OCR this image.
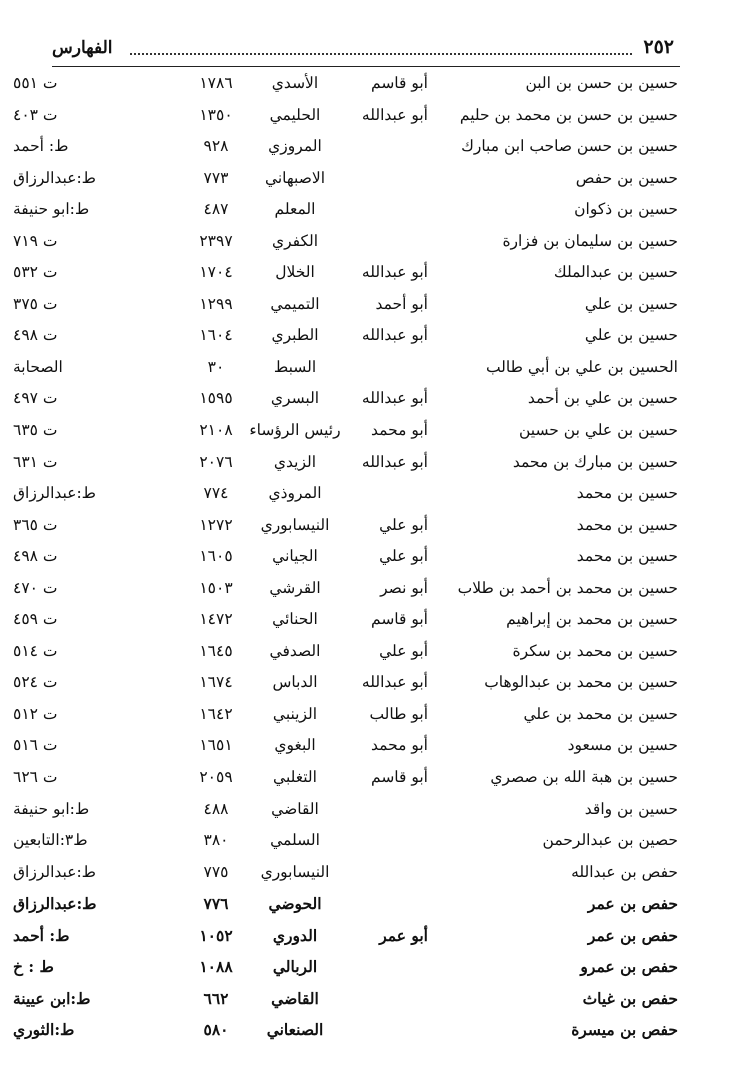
٢٥٢
الفهارس
حسين بن حسن بن البن
أبو قاسم
الأسدي
١٧٨٦
ت ٥٥١
حسين بن حسن بن محمد بن حليم
أبو عبدالله
الحليمي
١٣٥٠
ت ٤٠٣
حسين بن حسن صاحب ابن مبارك
المروزي
٩٢٨
ط: أحمد
حسين بن حفص
الاصبهاني
٧٧٣
ط:عبدالرزاق
حسين بن ذكوان
المعلم
٤٨٧
ط:ابو حنيفة
حسين بن سليمان بن فزارة
الكفري
٢٣٩٧
ت ٧١٩
حسين بن عبدالملك
أبو عبدالله
الخلال
١٧٠٤
ت ٥٣٢
حسين بن علي
أبو أحمد
التميمي
١٢٩٩
ت ٣٧٥
حسين بن علي
أبو عبدالله
الطبري
١٦٠٤
ت ٤٩٨
الحسين بن علي بن أبي طالب
السبط
٣٠
الصحابة
حسين بن علي بن أحمد
أبو عبدالله
البسري
١٥٩٥
ت ٤٩٧
حسين بن علي بن حسين
أبو محمد
رئيس الرؤساء
٢١٠٨
ت ٦٣٥
حسين بن مبارك بن محمد
أبو عبدالله
الزيدي
٢٠٧٦
ت ٦٣١
حسين بن محمد
المروذي
٧٧٤
ط:عبدالرزاق
حسين بن محمد
أبو علي
النيسابوري
١٢٧٢
ت ٣٦٥
حسين بن محمد
أبو علي
الجياني
١٦٠٥
ت ٤٩٨
حسين بن محمد بن أحمد بن طلاب
أبو نصر
القرشي
١٥٠٣
ت ٤٧٠
حسين بن محمد بن إبراهيم
أبو قاسم
الحنائي
١٤٧٢
ت ٤٥٩
حسين بن محمد بن سكرة
أبو علي
الصدفي
١٦٤٥
ت ٥١٤
حسين بن محمد بن عبدالوهاب
أبو عبدالله
الدباس
١٦٧٤
ت ٥٢٤
حسين بن محمد بن علي
أبو طالب
الزينبي
١٦٤٢
ت ٥١٢
حسين بن مسعود
أبو محمد
البغوي
١٦٥١
ت ٥١٦
حسين بن هبة الله بن صصري
أبو قاسم
التغلبي
٢٠٥٩
ت ٦٢٦
حسين بن واقد
القاضي
٤٨٨
ط:ابو حنيفة
حصين بن عبدالرحمن
السلمي
٣٨٠
ط٣:التابعين
حفص بن عبدالله
النيسابوري
٧٧٥
ط:عبدالرزاق
حفص بن عمر
الحوضي
٧٧٦
ط:عبدالرزاق
حفص بن عمر
أبو عمر
الدوري
١٠٥٢
ط: أحمد
حفص بن عمرو
الربالي
١٠٨٨
ط : خ
حفص بن غياث
القاضي
٦٦٢
ط:ابن عيينة
حفص بن ميسرة
الصنعاني
٥٨٠
ط:الثوري
